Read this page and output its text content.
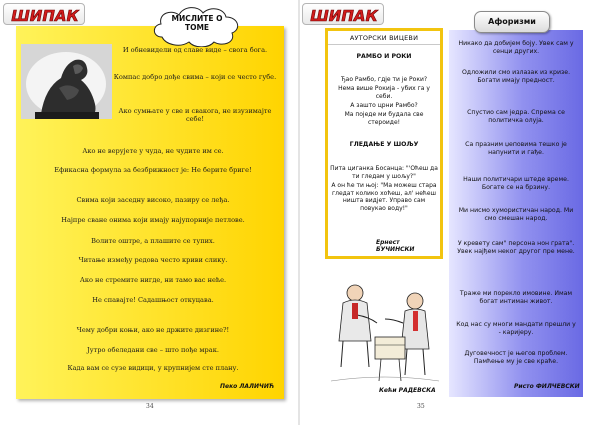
ШИПАК	МИСЛИТЕ О ТОМЕ
И обневидели од славе виде – свога бога.
Компас добро дође свима – који се често губе.
Ако сумњате у све и свакога, не изузимајте себе!
Ако не верујете у чуда, не чудите им се.
Ефикасна формула за безбрижност је: Не берите бриге!
Свима који заседну високо, пазиру се леђа.
Најпре сване онима који имају најупорније петлове.
Волите оштре, а плашите се тупих.
Читање између редова често криви слику.
Ако не стремите нигде, ни тамо вас неће.
Не спавајте! Садашњост откуцава.
Чему добри коњи, ако не држите дизгине?!
Јутро обеледани све – што пође мрак.
Када вам се сузе видици, у крупнијем сте плану.
Пеко ЛАЛИЧИЋ
34
ШИПАК
35
АУТОРСКИ ВИЦЕВИ
РАМБО И РОКИ
Ђао Рамбо, гдје ти је Роки?
Нема више Рокија - убих га у себи.
А зашто црни Рамбо?
Ма поједе ми будала све стероиде!
ГЛЕДАЊЕ У ШОЉУ
Пита циганка Босанца: "'Оћеш да ти гледам у шољу?"
А он ће ти њој: "Ма можеш стара гледат колико хоћеш, ал' нећеш ништа видјет. Управо сам повукао воду!"
Ернест БУЧИНСКИ
Кећи РАДЕВСКА
Афоризми
Никако да добијем боју. Увек сам у сенци других.
Одложили смо излазак из кризе. Богати имају предност.
Спустио сам једра. Спрема се политичка олуја.
Са празним џеповима тешко је напунити и гађе.
Наши политичари штеде време. Богате се на брзину.
Ми нисмо хумористичан народ. Ми смо смешан народ.
У кревету сам" персона нон грата". Увек најђем неког другог пре мене.
Траже ми порекло имовине. Имам богат интиман живот.
Код нас су многи мандати прешли у - каријеру.
Дуговечност је његов проблем. Памћење му је све краће.
Ристо ФИЛЧЕВСКИ
